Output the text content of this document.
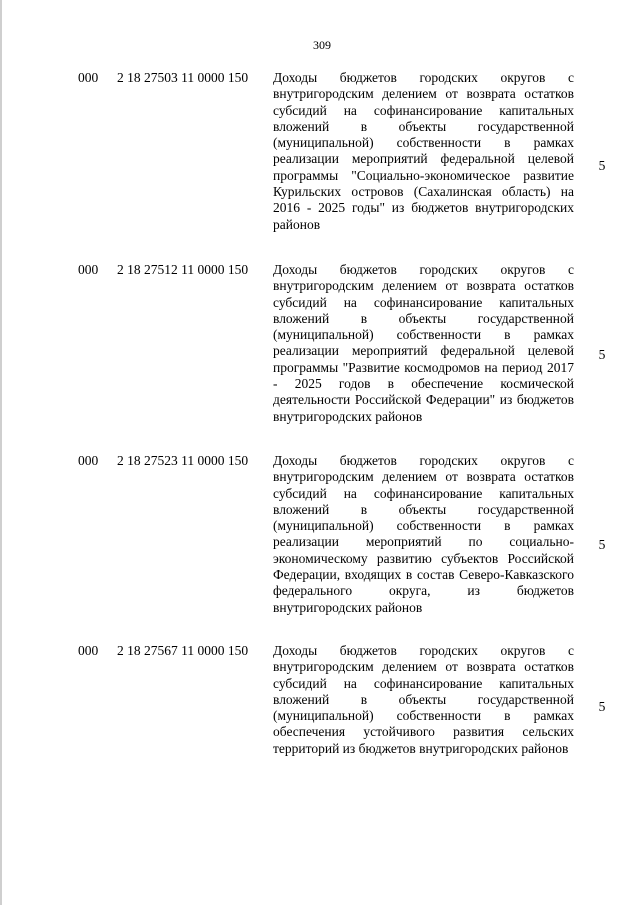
309
000	2 18 27503 11 0000 150	Доходы бюджетов городских округов с внутригородским делением от возврата остатков субсидий на софинансирование капитальных вложений в объекты государственной (муниципальной) собственности в рамках реализации мероприятий федеральной целевой программы "Социально-экономическое развитие Курильских островов (Сахалинская область) на 2016 - 2025 годы" из бюджетов внутригородских районов
5
000	2 18 27512 11 0000 150	Доходы бюджетов городских округов с внутригородским делением от возврата остатков субсидий на софинансирование капитальных вложений в объекты государственной (муниципальной) собственности в рамках реализации мероприятий федеральной целевой программы "Развитие космодромов на период 2017 - 2025 годов в обеспечение космической деятельности Российской Федерации" из бюджетов внутригородских районов
5
000	2 18 27523 11 0000 150	Доходы бюджетов городских округов с внутригородским делением от возврата остатков субсидий на софинансирование капитальных вложений в объекты государственной (муниципальной) собственности в рамках реализации мероприятий по социально-экономическому развитию субъектов Российской Федерации, входящих в состав Северо-Кавказского федерального округа, из бюджетов внутригородских районов
5
000	2 18 27567 11 0000 150	Доходы бюджетов городских округов с внутригородским делением от возврата остатков субсидий на софинансирование капитальных вложений в объекты государственной (муниципальной) собственности в рамках обеспечения устойчивого развития сельских территорий из бюджетов внутригородских районов
5
